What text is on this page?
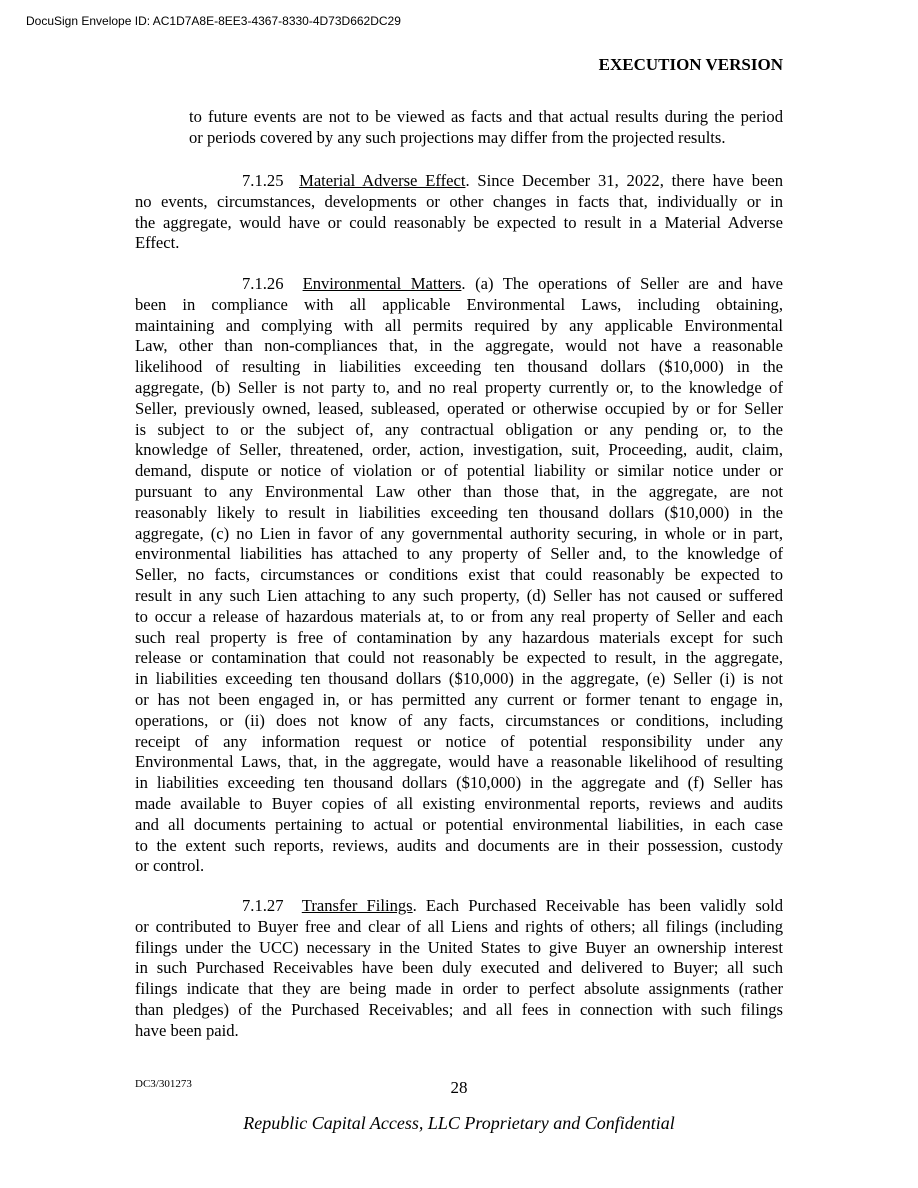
DocuSign Envelope ID: AC1D7A8E-8EE3-4367-8330-4D73D662DC29
EXECUTION VERSION
to future events are not to be viewed as facts and that actual results during the period
or periods covered by any such projections may differ from the projected results.
7.1.25 Material Adverse Effect. Since December 31, 2022, there have been
no events, circumstances, developments or other changes in facts that, individually or in
the aggregate, would have or could reasonably be expected to result in a Material Adverse
Effect.
7.1.26 Environmental Matters. (a) The operations of Seller are and have
been in compliance with all applicable Environmental Laws, including obtaining,
maintaining and complying with all permits required by any applicable Environmental
Law, other than non-compliances that, in the aggregate, would not have a reasonable
likelihood of resulting in liabilities exceeding ten thousand dollars ($10,000) in the
aggregate, (b) Seller is not party to, and no real property currently or, to the knowledge of
Seller, previously owned, leased, subleased, operated or otherwise occupied by or for Seller
is subject to or the subject of, any contractual obligation or any pending or, to the
knowledge of Seller, threatened, order, action, investigation, suit, Proceeding, audit, claim,
demand, dispute or notice of violation or of potential liability or similar notice under or
pursuant to any Environmental Law other than those that, in the aggregate, are not
reasonably likely to result in liabilities exceeding ten thousand dollars ($10,000) in the
aggregate, (c) no Lien in favor of any governmental authority securing, in whole or in part,
environmental liabilities has attached to any property of Seller and, to the knowledge of
Seller, no facts, circumstances or conditions exist that could reasonably be expected to
result in any such Lien attaching to any such property, (d) Seller has not caused or suffered
to occur a release of hazardous materials at, to or from any real property of Seller and each
such real property is free of contamination by any hazardous materials except for such
release or contamination that could not reasonably be expected to result, in the aggregate,
in liabilities exceeding ten thousand dollars ($10,000) in the aggregate, (e) Seller (i) is not
or has not been engaged in, or has permitted any current or former tenant to engage in,
operations, or (ii) does not know of any facts, circumstances or conditions, including
receipt of any information request or notice of potential responsibility under any
Environmental Laws, that, in the aggregate, would have a reasonable likelihood of resulting
in liabilities exceeding ten thousand dollars ($10,000) in the aggregate and (f) Seller has
made available to Buyer copies of all existing environmental reports, reviews and audits
and all documents pertaining to actual or potential environmental liabilities, in each case
to the extent such reports, reviews, audits and documents are in their possession, custody
or control.
7.1.27 Transfer Filings. Each Purchased Receivable has been validly sold
or contributed to Buyer free and clear of all Liens and rights of others; all filings (including
filings under the UCC) necessary in the United States to give Buyer an ownership interest
in such Purchased Receivables have been duly executed and delivered to Buyer; all such
filings indicate that they are being made in order to perfect absolute assignments (rather
than pledges) of the Purchased Receivables; and all fees in connection with such filings
have been paid.
DC3/301273	28
Republic Capital Access, LLC Proprietary and Confidential
